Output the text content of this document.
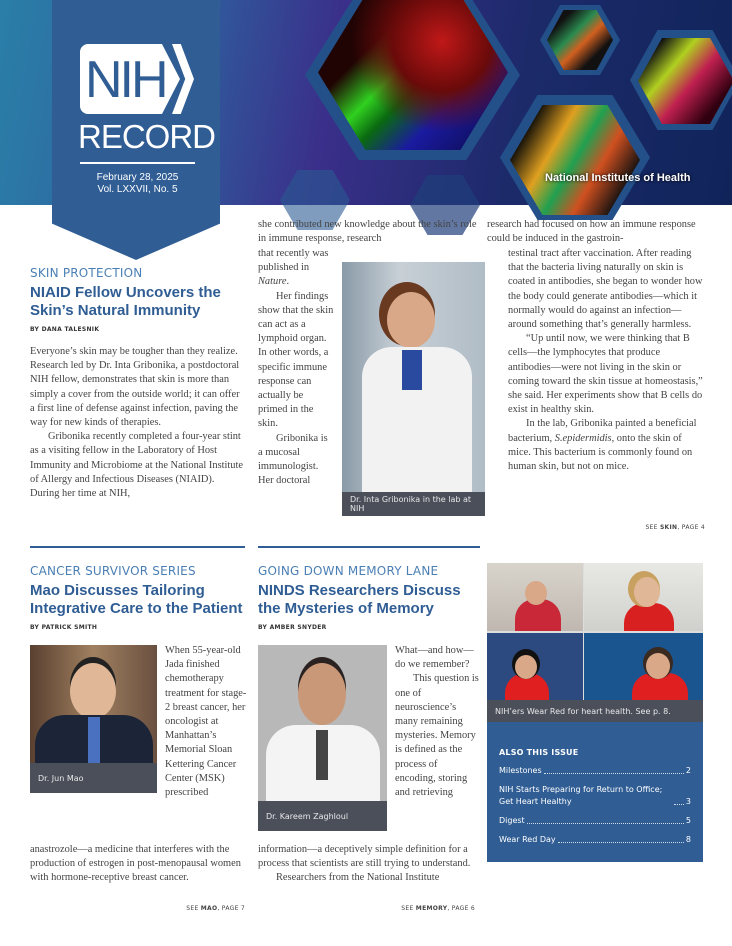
National Institutes of Health
NIH
RECORD
February 28, 2025
Vol. LXXVII, No. 5
SKIN PROTECTION
NIAID Fellow Uncovers the Skin’s Natural Immunity
BY DANA TALESNIK

Everyone’s skin may be tougher than they realize. Research led by Dr. Inta Gribonika, a postdoctoral NIH fellow, demonstrates that skin is more than simply a cover from the outside world; it can offer a first line of defense against infection, paving the way for new kinds of therapies.

Gribonika recently completed a four-year stint as a visiting fellow in the Laboratory of Host Immunity and Microbiome at the National Institute of Allergy and Infectious Diseases (NIAID). During her time at NIH,

she contributed new knowledge about the skin’s role in immune response, research

that recently was published in Nature.

Her findings show that the skin can act as a lymphoid organ. In other words, a specific immune response can actually be primed in the skin.

Gribonika is a mucosal immunologist. Her doctoral

Dr. Inta Gribonika in the lab at NIH
research had focused on how an immune response could be induced in the gastroin-

testinal tract after vaccination. After reading that the bacteria living naturally on skin is coated in antibodies, she began to wonder how the body could generate antibodies—which it normally would do against an infection—around something that’s generally harmless.

“Up until now, we were thinking that B cells—the lymphocytes that produce antibodies—were not living in the skin or coming toward the skin tissue at homeostasis,” she said. Her experiments show that B cells do exist in healthy skin.

In the lab, Gribonika painted a beneficial bacterium, S.epidermidis, onto the skin of mice. This bacterium is commonly found on human skin, but not on mice.

SEE SKIN, PAGE 4
CANCER SURVIVOR SERIES
Mao Discusses Tailoring Integrative Care to the Patient
BY PATRICK SMITH
Dr. Jun Mao
When 55-year-old Jada finished chemotherapy treatment for stage-2 breast cancer, her oncologist at Manhattan’s Memorial Sloan Kettering Cancer Center (MSK) prescribed
anastrozole—a medicine that interferes with the production of estrogen in post-menopausal women with hormone-receptive breast cancer.
SEE MAO, PAGE 7
GOING DOWN MEMORY LANE
NINDS Researchers Discuss the Mysteries of Memory
BY AMBER SNYDER
Dr. Kareem Zaghloul

What—and how—do we remember?

This question is one of neuroscience’s many remaining mysteries. Memory is defined as the process of encoding, storing and retrieving

information—a deceptively simple definition for a process that scientists are still trying to understand.

Researchers from the National Institute

SEE MEMORY, PAGE 6
NIH’ers Wear Red for heart health. See p. 8.
ALSO THIS ISSUE
Milestones	2
NIH Starts Preparing for Return to Office; Get Heart Healthy	3
Digest	5
Wear Red Day	8
